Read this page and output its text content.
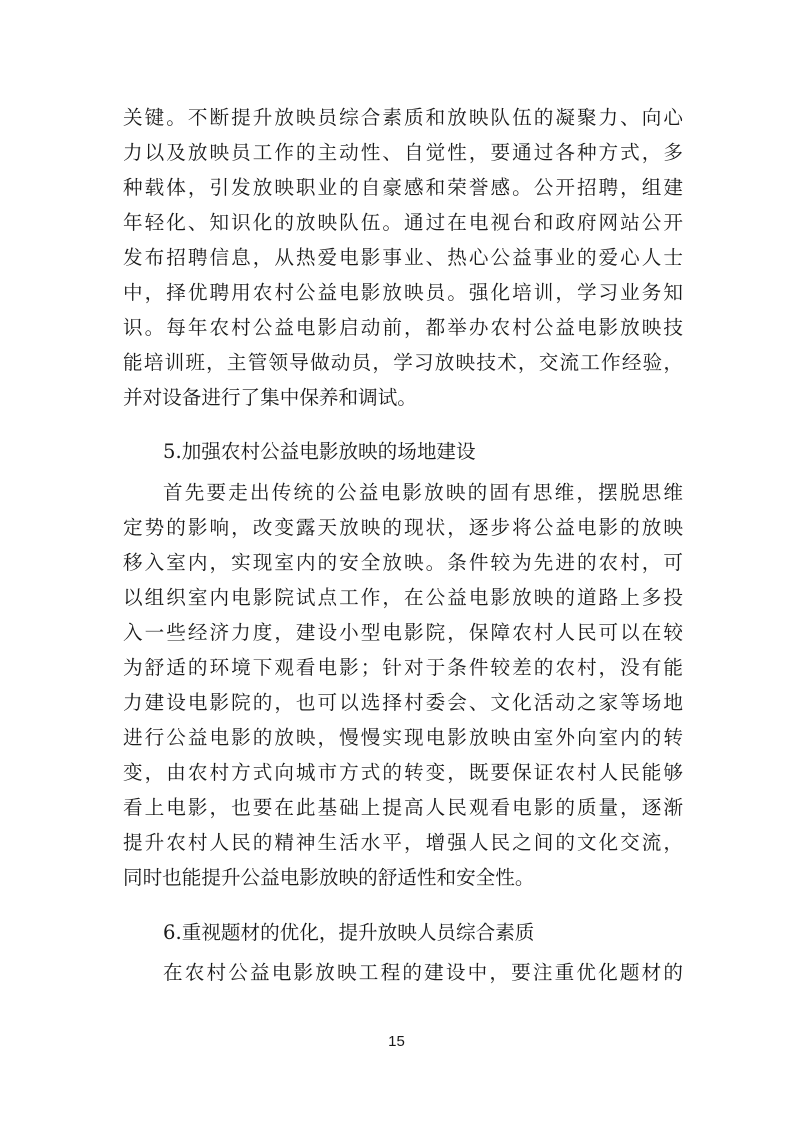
关键。不断提升放映员综合素质和放映队伍的凝聚力、向心
力以及放映员工作的主动性、自觉性，要通过各种方式，多
种载体，引发放映职业的自豪感和荣誉感。公开招聘，组建
年轻化、知识化的放映队伍。通过在电视台和政府网站公开
发布招聘信息，从热爱电影事业、热心公益事业的爱心人士
中，择优聘用农村公益电影放映员。强化培训，学习业务知
识。每年农村公益电影启动前，都举办农村公益电影放映技
能培训班，主管领导做动员，学习放映技术，交流工作经验，
并对设备进行了集中保养和调试。
5.加强农村公益电影放映的场地建设
首先要走出传统的公益电影放映的固有思维，摆脱思维
定势的影响，改变露天放映的现状，逐步将公益电影的放映
移入室内，实现室内的安全放映。条件较为先进的农村，可
以组织室内电影院试点工作，在公益电影放映的道路上多投
入一些经济力度，建设小型电影院，保障农村人民可以在较
为舒适的环境下观看电影；针对于条件较差的农村，没有能
力建设电影院的，也可以选择村委会、文化活动之家等场地
进行公益电影的放映，慢慢实现电影放映由室外向室内的转
变，由农村方式向城市方式的转变，既要保证农村人民能够
看上电影，也要在此基础上提高人民观看电影的质量，逐渐
提升农村人民的精神生活水平，增强人民之间的文化交流，
同时也能提升公益电影放映的舒适性和安全性。
6.重视题材的优化，提升放映人员综合素质
在农村公益电影放映工程的建设中，要注重优化题材的
15
